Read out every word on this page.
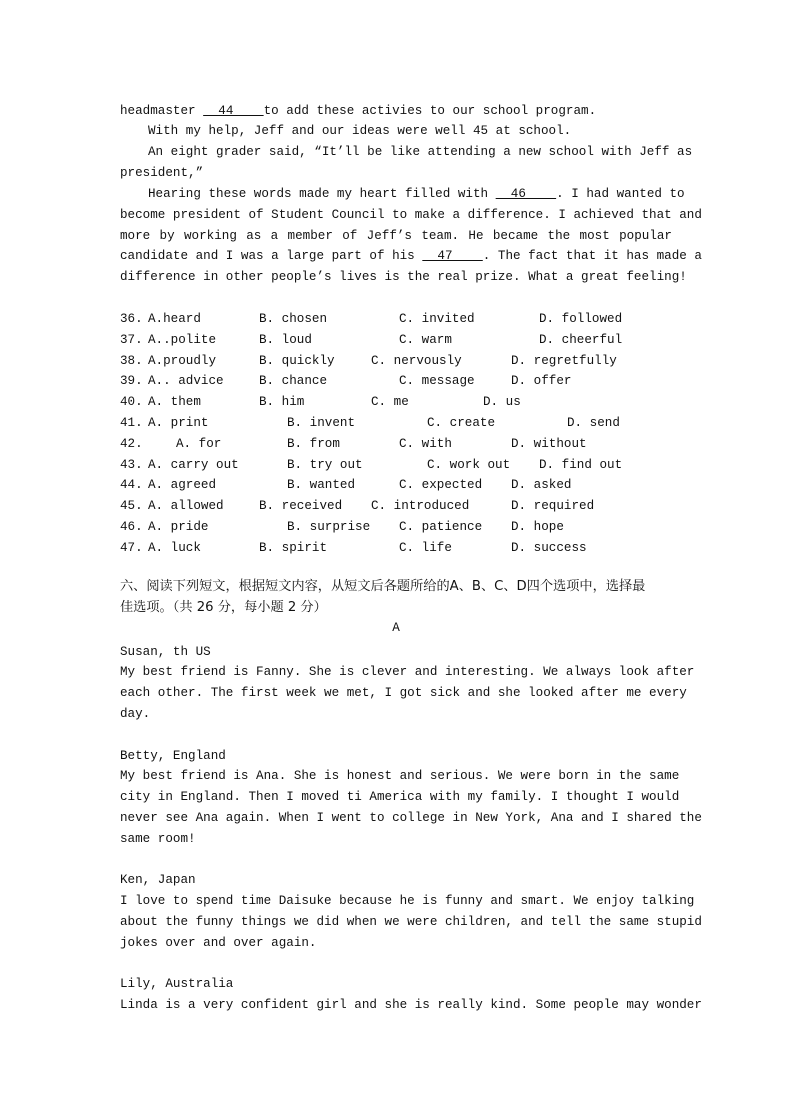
headmaster   44    to add these activies to our school program.
With my help, Jeff and our ideas were well 45 at school.
An eight grader said, “It’ll be like attending a new school with Jeff as
president,”
Hearing these words made my heart filled with   46    . I had wanted to
become president of Student Council to make a difference. I achieved that and
more by working as a member of Jeff’s team. He became the most popular
candidate and I was a large part of his   47    . The fact that it has made a
difference in other people’s lives is the real prize. What a great feeling!
36. A.heard	B. chosen	C. invited	D. followed
37. A..polite	B. loud	C. warm	D. cheerful
38. A.proudly	B. quickly	C. nervously	D. regretfully
39. A.. advice	B. chance	C. message	D. offer
40. A. them	B. him	C. me	D. us
41. A. print	B. invent	C. create	D. send
42.	A. for	B. from	C. with	D. without
43. A. carry out	B. try out	C. work out D. find out
44. A. agreed	B. wanted	C. expected D. asked
45. A. allowed	B. received C. introduced	D. required
46. A. pride	B. surprise C. patience D. hope
47. A. luck	B. spirit	C. life	D. success
六、阅读下列短文，根据短文内容，从短文后各题所给的A、B、C、D四个选项中，选择最
佳选项。（共 26 分，每小题 2 分）
A
Susan, th US
My best friend is Fanny. She is clever and interesting. We always look after
each other. The first week we met, I got sick and she looked after me every
day.
Betty, England
My best friend is Ana. She is honest and serious. We were born in the same
city in England. Then I moved ti America with my family. I thought I would
never see Ana again. When I went to college in New York, Ana and I shared the
same room!
Ken, Japan
I love to spend time Daisuke because he is funny and smart. We enjoy talking
about the funny things we did when we were children, and tell the same stupid
jokes over and over again.
Lily, Australia
Linda is a very confident girl and she is really kind. Some people may wonder
